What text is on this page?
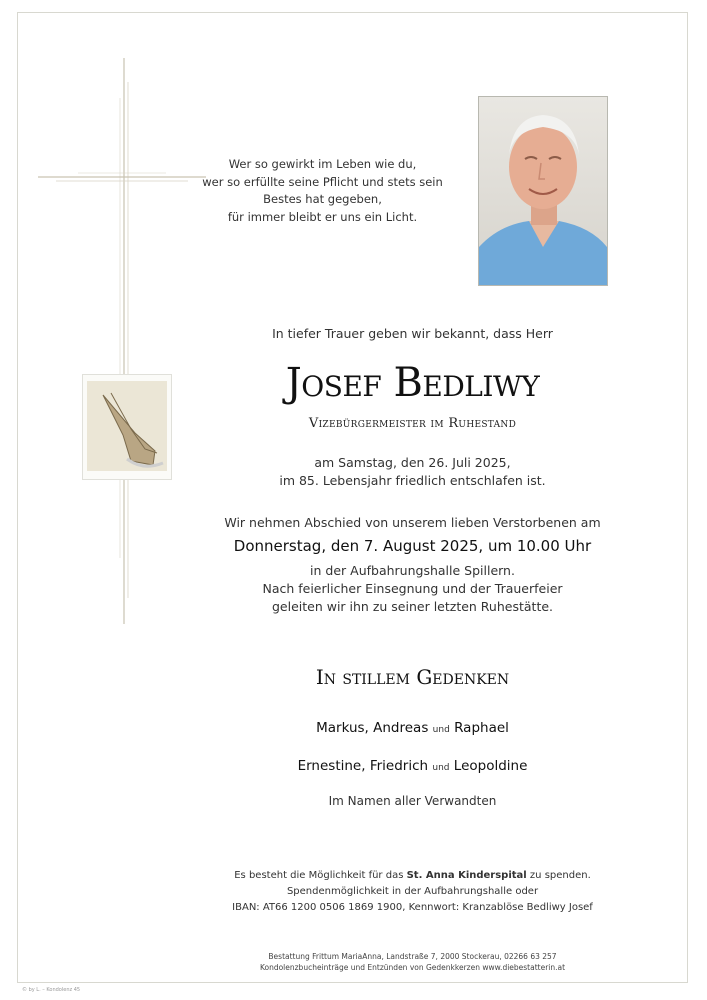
Wer so gewirkt im Leben wie du,
wer so erfüllte seine Pflicht und stets sein
Bestes hat gegeben,
für immer bleibt er uns ein Licht.
In tiefer Trauer geben wir bekannt, dass Herr
Josef Bedliwy
Vizebürgermeister im Ruhestand
am Samstag, den 26. Juli 2025,
im 85. Lebensjahr friedlich entschlafen ist.
Wir nehmen Abschied von unserem lieben Verstorbenen am
Donnerstag, den 7. August 2025, um 10.00 Uhr
in der Aufbahrungshalle Spillern.
Nach feierlicher Einsegnung und der Trauerfeier
geleiten wir ihn zu seiner letzten Ruhestätte.
In stillem Gedenken
Markus, Andreas und Raphael
Ernestine, Friedrich und Leopoldine
Im Namen aller Verwandten
Es besteht die Möglichkeit für das St. Anna Kinderspital zu spenden.
Spendenmöglichkeit in der Aufbahrungshalle oder
IBAN: AT66 1200 0506 1869 1900, Kennwort: Kranzablöse Bedliwy Josef
Bestattung Frittum MariaAnna, Landstraße 7, 2000 Stockerau, 02266 63 257
Kondolenzbucheinträge und Entzünden von Gedenkkerzen www.diebestatterin.at
© by L. – Kondolenz 45
